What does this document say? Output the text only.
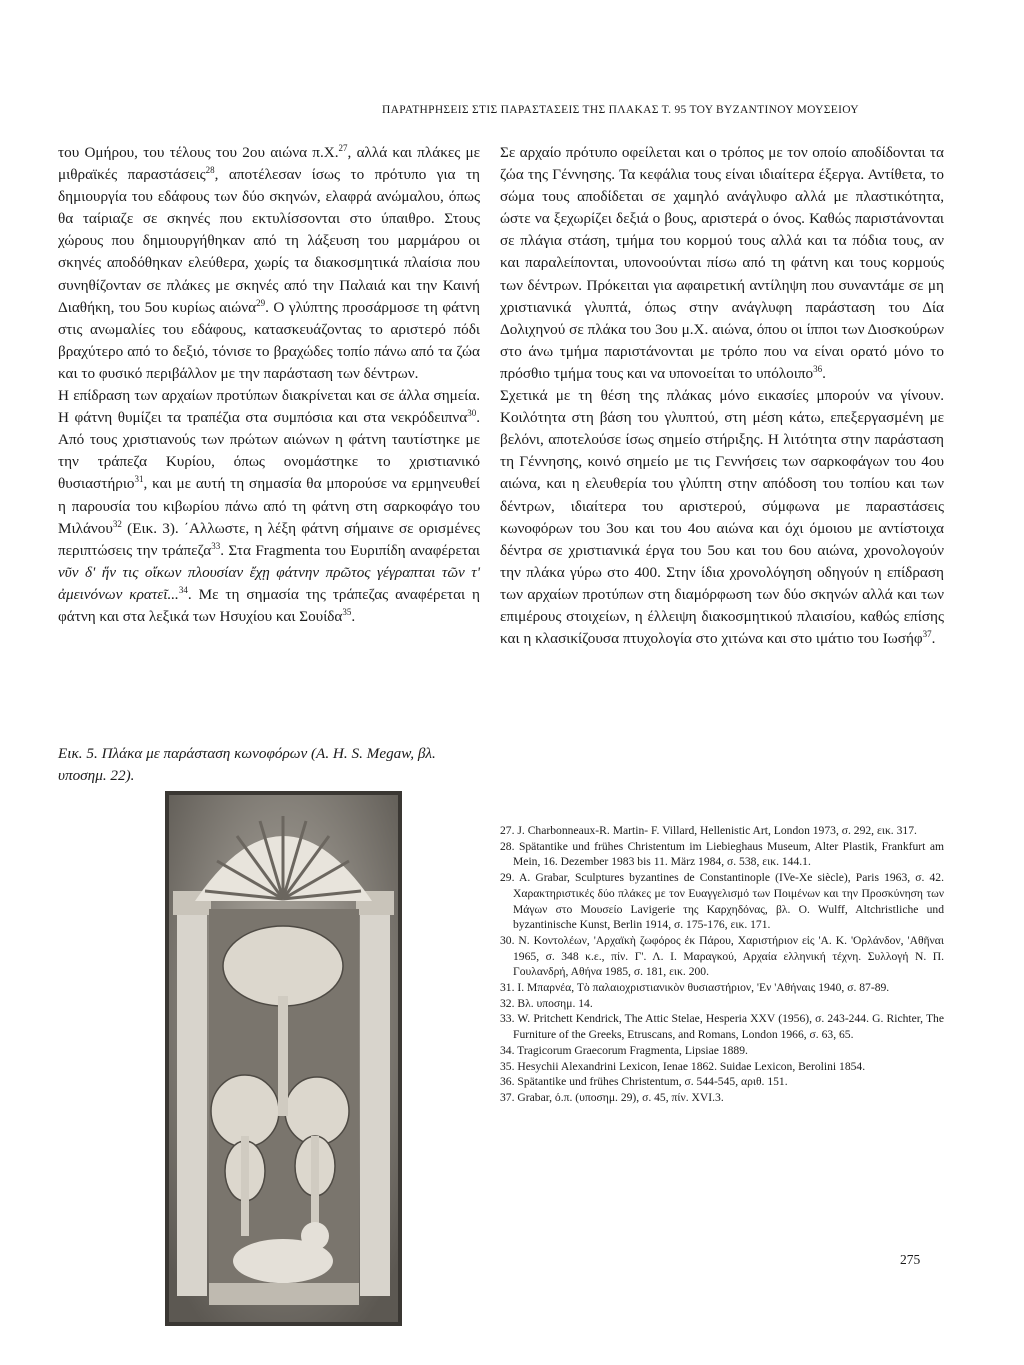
ΠΑΡΑΤΗΡΗΣΕΙΣ ΣΤΙΣ ΠΑΡΑΣΤΑΣΕΙΣ ΤΗΣ ΠΛΑΚΑΣ Τ. 95 ΤΟΥ ΒΥΖΑΝΤΙΝΟΥ ΜΟΥΣΕΙΟΥ

του Ομήρου, του τέλους του 2ου αιώνα π.Χ.$^{27}$, αλλά και πλάκες με μιθραϊκές παραστάσεις$^{28}$, αποτέλεσαν ίσως το πρότυπο για τη δημιουργία του εδάφους των δύο σκηνών, ελαφρά ανώμαλου, όπως θα ταίριαζε σε σκηνές που εκτυλίσσονται στο ύπαιθρο. Στους χώρους που δημιουργήθηκαν από τη λάξευση του μαρμάρου οι σκηνές αποδόθηκαν ελεύθερα, χωρίς τα διακοσμητικά πλαίσια που συνηθίζονταν σε πλάκες με σκηνές από την Παλαιά και την Καινή Διαθήκη, του 5ου κυρίως αιώνα$^{29}$. Ο γλύπτης προσάρμοσε τη φάτνη στις ανωμαλίες του εδάφους, κατασκευάζοντας το αριστερό πόδι βραχύτερο από το δεξιό, τόνισε το βραχώδες τοπίο πάνω από τα ζώα και το φυσικό περιβάλλον με την παράσταση των δέντρων.

Η επίδραση των αρχαίων προτύπων διακρίνεται και σε άλλα σημεία. Η φάτνη θυμίζει τα τραπέζια στα συμπόσια και στα νεκρόδειπνα$^{30}$. Από τους χριστιανούς των πρώτων αιώνων η φάτνη ταυτίστηκε με την τράπεζα Κυρίου, όπως ονομάστηκε το χριστιανικό θυσιαστήριο$^{31}$, και με αυτή τη σημασία θα μπορούσε να ερμηνευθεί η παρουσία του κιβωρίου πάνω από τη φάτνη στη σαρκοφάγο του Μιλάνου$^{32}$ (Εικ. 3). ΄Αλλωστε, η λέξη φάτνη σήμαινε σε ορισμένες περιπτώσεις την τράπεζα$^{33}$. Στα Fragmenta του Ευριπίδη αναφέρεται νῦν δ' ἥν τις οἴκων πλουσίαν ἔχῃ φάτνην πρῶτος γέγραπται τῶν τ' ἀμεινόνων κρατεῖ...$^{34}$. Με τη σημασία της τράπεζας αναφέρεται η φάτνη και στα λεξικά των Ησυχίου και Σουίδα$^{35}$.

Εικ. 5. Πλάκα με παράσταση κωνοφόρων (A. H. S. Megaw, βλ. υποσημ. 22).

Σε αρχαίο πρότυπο οφείλεται και ο τρόπος με τον οποίο αποδίδονται τα ζώα της Γέννησης. Τα κεφάλια τους είναι ιδιαίτερα έξεργα. Αντίθετα, το σώμα τους αποδίδεται σε χαμηλό ανάγλυφο αλλά με πλαστικότητα, ώστε να ξεχωρίζει δεξιά ο βους, αριστερά ο όνος. Καθώς παριστάνονται σε πλάγια στάση, τμήμα του κορμού τους αλλά και τα πόδια τους, αν και παραλείπονται, υπονοούνται πίσω από τη φάτνη και τους κορμούς των δέντρων. Πρόκειται για αφαιρετική αντίληψη που συναντάμε σε μη χριστιανικά γλυπτά, όπως στην ανάγλυφη παράσταση του Δία Δολιχηνού σε πλάκα του 3ου μ.Χ. αιώνα, όπου οι ίπποι των Διοσκούρων στο άνω τμήμα παριστάνονται με τρόπο που να είναι ορατό μόνο το πρόσθιο τμήμα τους και να υπονοείται το υπόλοιπο$^{36}$.

Σχετικά με τη θέση της πλάκας μόνο εικασίες μπορούν να γίνουν. Κοιλότητα στη βάση του γλυπτού, στη μέση κάτω, επεξεργασμένη με βελόνι, αποτελούσε ίσως σημείο στήριξης. Η λιτότητα στην παράσταση τη Γέννησης, κοινό σημείο με τις Γεννήσεις των σαρκοφάγων του 4ου αιώνα, και η ελευθερία του γλύπτη στην απόδοση του τοπίου και των δέντρων, ιδιαίτερα του αριστερού, σύμφωνα με παραστάσεις κωνοφόρων του 3ου και του 4ου αιώνα και όχι όμοιου με αντίστοιχα δέντρα σε χριστιανικά έργα του 5ου και του 6ου αιώνα, χρονολογούν την πλάκα γύρω στο 400. Στην ίδια χρονολόγηση οδηγούν η επίδραση των αρχαίων προτύπων στη διαμόρφωση των δύο σκηνών αλλά και των επιμέρους στοιχείων, η έλλειψη διακοσμητικού πλαισίου, καθώς επίσης και η κλασικίζουσα πτυχολογία στο χιτώνα και στο ιμάτιο του Ιωσήφ$^{37}$.

27. J. Charbonneaux-R. Martin- F. Villard, Hellenistic Art, London 1973, σ. 292, εικ. 317.

28. Spätantike und frühes Christentum im Liebieghaus Museum, Alter Plastik, Frankfurt am Mein, 16. Dezember 1983 bis 11. März 1984, σ. 538, εικ. 144.1.

29. A. Grabar, Sculptures byzantines de Constantinople (IVe-Xe siècle), Paris 1963, σ. 42. Χαρακτηριστικές δύο πλάκες με τον Ευαγγελισμό των Ποιμένων και την Προσκύνηση των Μάγων στο Μουσείο Lavigerie της Καρχηδόνας, βλ. O. Wulff, Altchristliche und byzantinische Kunst, Berlin 1914, σ. 175-176, εικ. 171.

30. Ν. Κοντολέων, 'Αρχαϊκὴ ζωφόρος ἐκ Πάρου, Χαριστήριον εἰς 'Α. Κ. 'Ορλάνδον, 'Αθῆναι 1965, σ. 348 κ.ε., πίν. Γ'. Λ. Ι. Μαραγκού, Αρχαία ελληνική τέχνη. Συλλογή Ν. Π. Γουλανδρή, Αθήνα 1985, σ. 181, εικ. 200.

31. Ι. Μπαρνέα, Τὸ παλαιοχριστιανικὸν θυσιαστήριον, 'Εν 'Αθήναις 1940, σ. 87-89.

32. Βλ. υποσημ. 14.

33. W. Pritchett Kendrick, The Attic Stelae, Hesperia XXV (1956), σ. 243-244. G. Richter, The Furniture of the Greeks, Etruscans, and Romans, London 1966, σ. 63, 65.

34. Tragicorum Graecorum Fragmenta, Lipsiae 1889.

35. Hesychii Alexandrini Lexicon, Ienae 1862. Suidae Lexicon, Berolini 1854.

36. Spätantike und frühes Christentum, σ. 544-545, αριθ. 151.

37. Grabar, ό.π. (υποσημ. 29), σ. 45, πίν. XVI.3.

275
